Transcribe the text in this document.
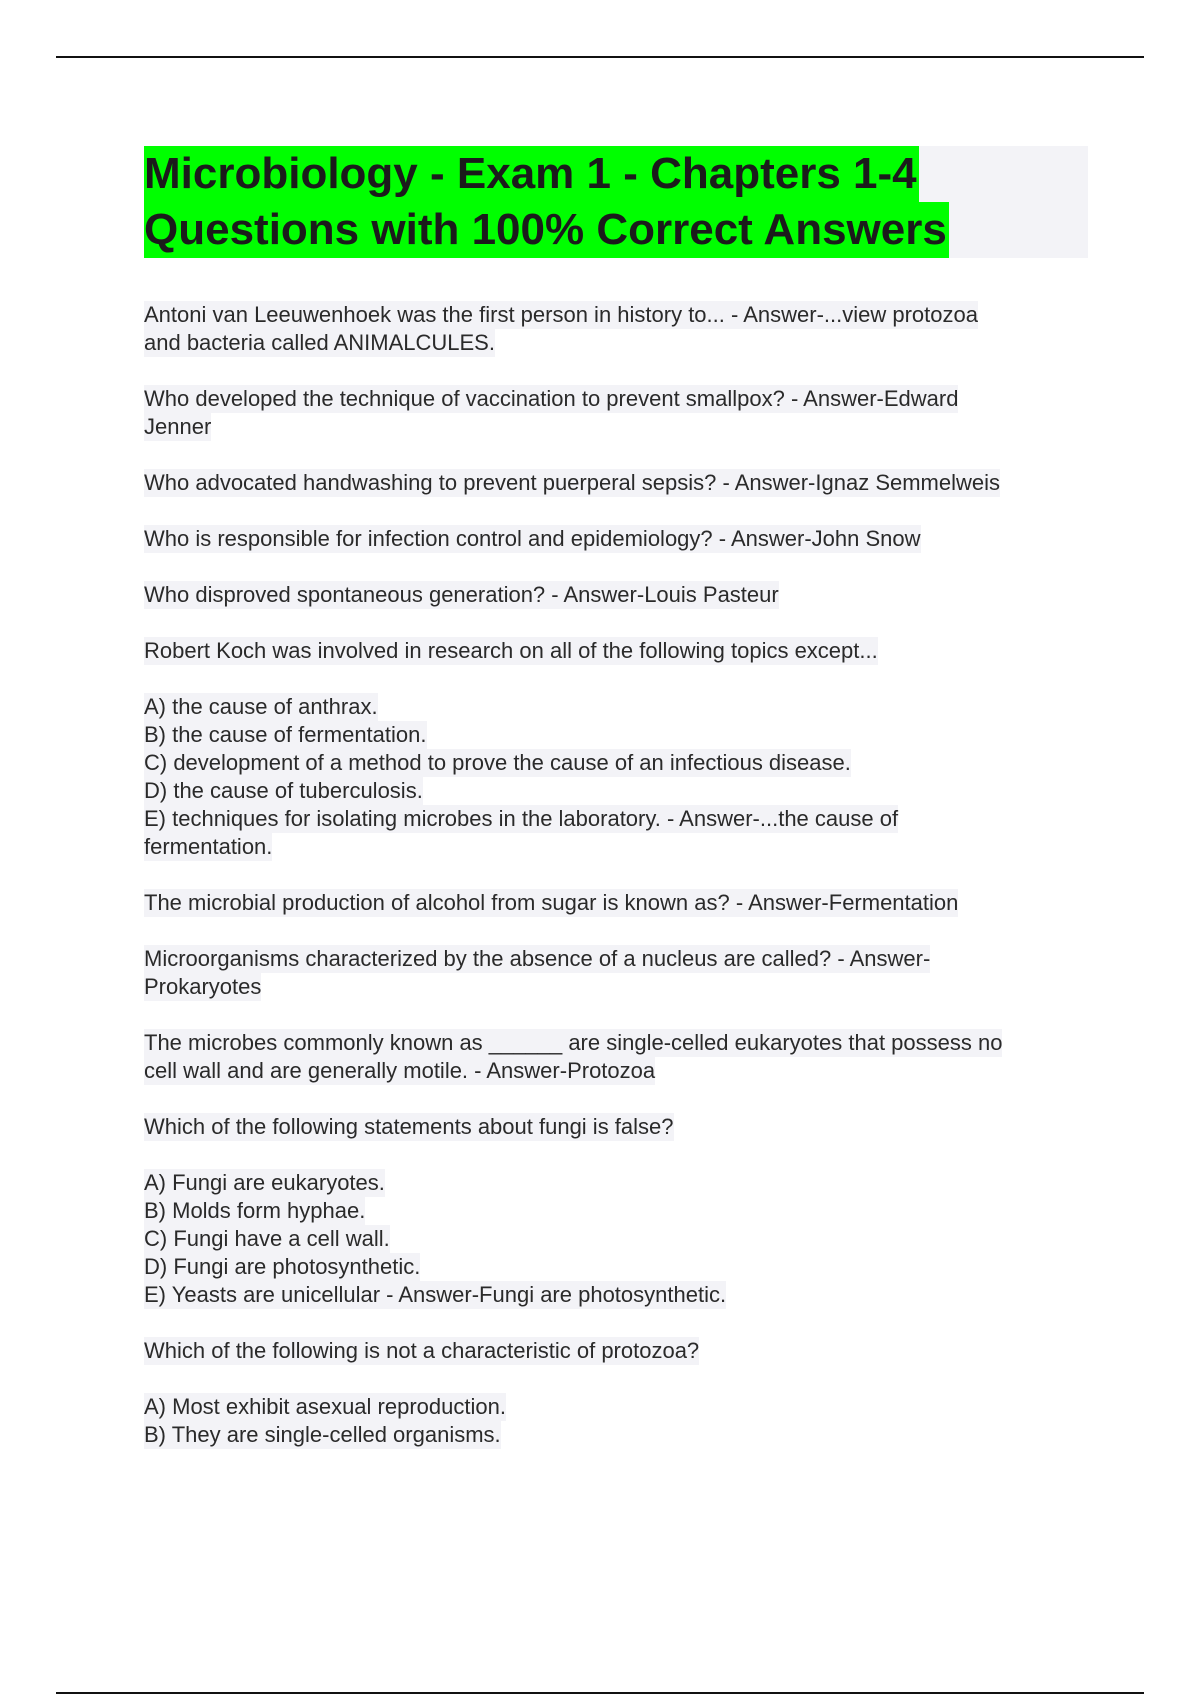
Microbiology - Exam 1 - Chapters 1-4
Questions with 100% Correct Answers
Antoni van Leeuwenhoek was the first person in history to... - Answer-...view protozoa
and bacteria called ANIMALCULES.
Who developed the technique of vaccination to prevent smallpox? - Answer-Edward
Jenner
Who advocated handwashing to prevent puerperal sepsis? - Answer-Ignaz Semmelweis
Who is responsible for infection control and epidemiology? - Answer-John Snow
Who disproved spontaneous generation? - Answer-Louis Pasteur
Robert Koch was involved in research on all of the following topics except...
A) the cause of anthrax.
B) the cause of fermentation.
C) development of a method to prove the cause of an infectious disease.
D) the cause of tuberculosis.
E) techniques for isolating microbes in the laboratory. - Answer-...the cause of
fermentation.
The microbial production of alcohol from sugar is known as? - Answer-Fermentation
Microorganisms characterized by the absence of a nucleus are called? - Answer-
Prokaryotes
The microbes commonly known as ______ are single-celled eukaryotes that possess no
cell wall and are generally motile. - Answer-Protozoa
Which of the following statements about fungi is false?
A) Fungi are eukaryotes.
B) Molds form hyphae.
C) Fungi have a cell wall.
D) Fungi are photosynthetic.
E) Yeasts are unicellular - Answer-Fungi are photosynthetic.
Which of the following is not a characteristic of protozoa?
A) Most exhibit asexual reproduction.
B) They are single-celled organisms.
